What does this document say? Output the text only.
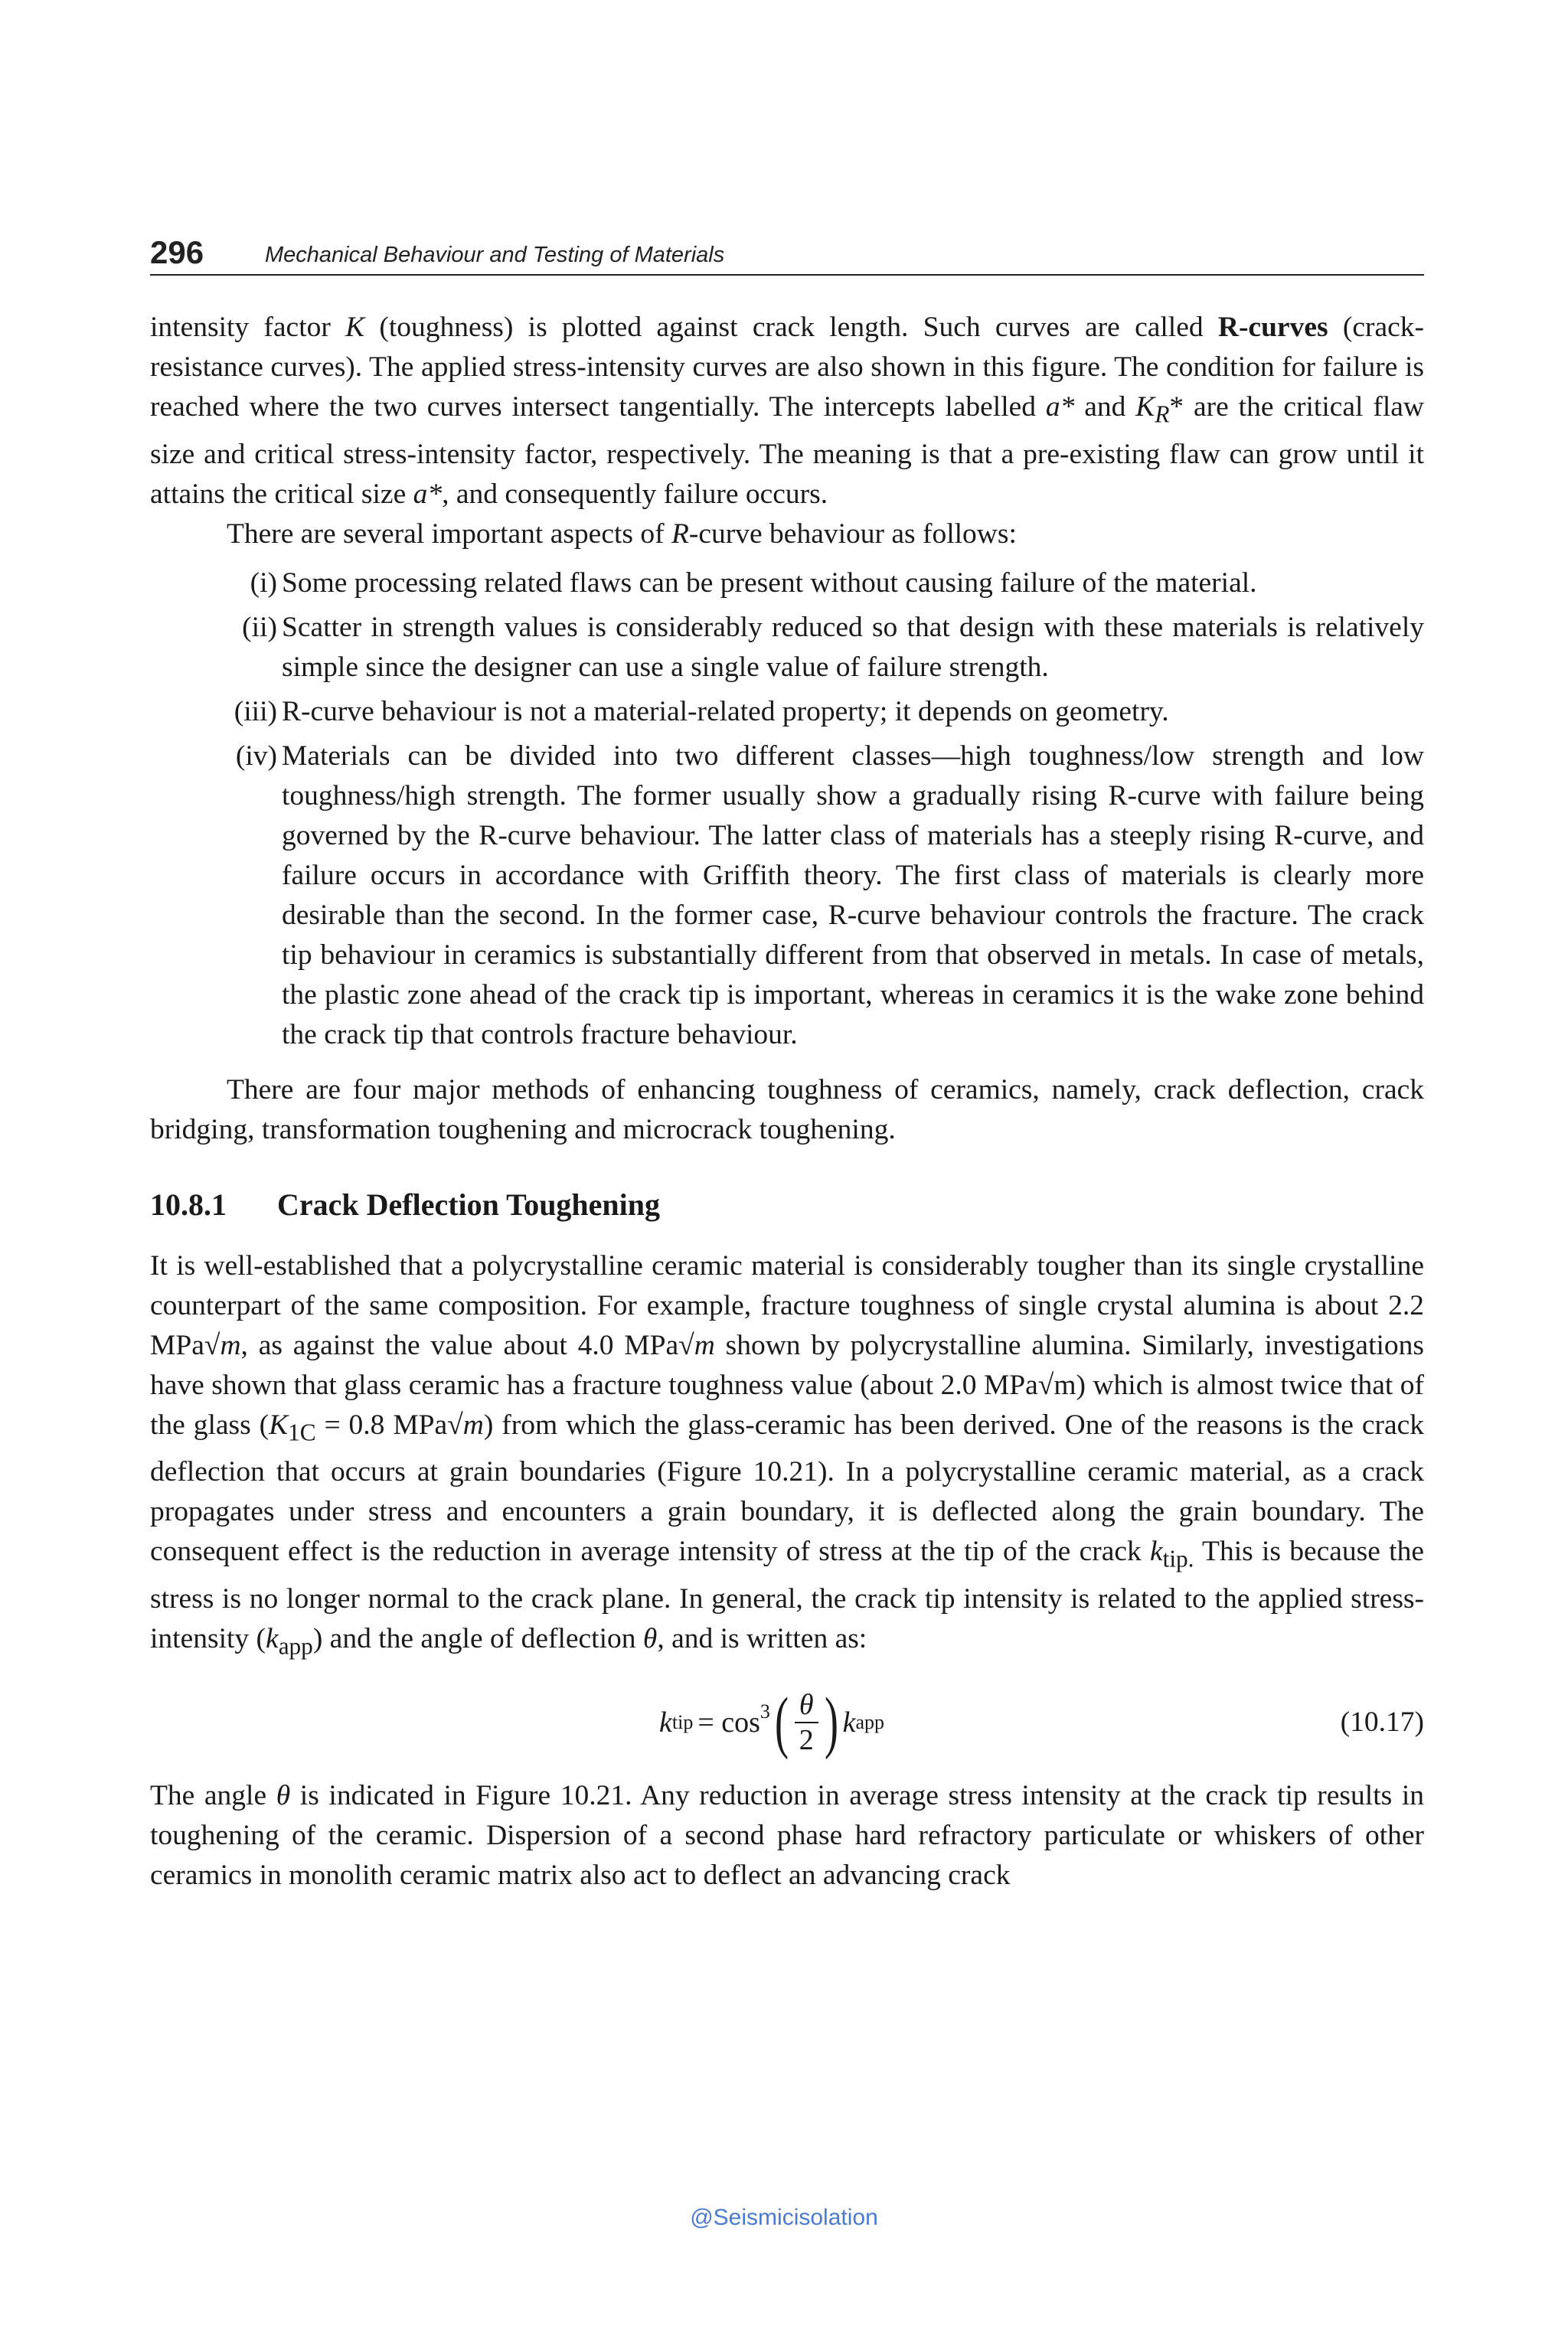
296	Mechanical Behaviour and Testing of Materials

intensity factor K (toughness) is plotted against crack length. Such curves are called R-curves (crack-resistance curves). The applied stress-intensity curves are also shown in this figure. The condition for failure is reached where the two curves intersect tangentially. The intercepts labelled a* and $K_R*$ are the critical flaw size and critical stress-intensity factor, respectively. The meaning is that a pre-existing flaw can grow until it attains the critical size a*, and consequently failure occurs.

There are several important aspects of R-curve behaviour as follows:

(i) Some processing related flaws can be present without causing failure of the material.
(ii) Scatter in strength values is considerably reduced so that design with these materials is relatively simple since the designer can use a single value of failure strength.
(iii) R-curve behaviour is not a material-related property; it depends on geometry.
(iv) Materials can be divided into two different classes—high toughness/low strength and low toughness/high strength. The former usually show a gradually rising R-curve with failure being governed by the R-curve behaviour. The latter class of materials has a steeply rising R-curve, and failure occurs in accordance with Griffith theory. The first class of materials is clearly more desirable than the second. In the former case, R-curve behaviour controls the fracture. The crack tip behaviour in ceramics is substantially different from that observed in metals. In case of metals, the plastic zone ahead of the crack tip is important, whereas in ceramics it is the wake zone behind the crack tip that controls fracture behaviour.

There are four major methods of enhancing toughness of ceramics, namely, crack deflection, crack bridging, transformation toughening and microcrack toughening.

10.8.1 Crack Deflection Toughening

It is well-established that a polycrystalline ceramic material is considerably tougher than its single crystalline counterpart of the same composition. For example, fracture toughness of single crystal alumina is about 2.2 MPa√m, as against the value about 4.0 MPa√m shown by polycrystalline alumina. Similarly, investigations have shown that glass ceramic has a fracture toughness value (about 2.0 MPa√m) which is almost twice that of the glass ($K_{1C} = 0.8$ MPa√m) from which the glass-ceramic has been derived. One of the reasons is the crack deflection that occurs at grain boundaries (Figure 10.21). In a polycrystalline ceramic material, as a crack propagates under stress and encounters a grain boundary, it is deflected along the grain boundary. The consequent effect is the reduction in average intensity of stress at the tip of the crack $k_{tip.}$ This is because the stress is no longer normal to the crack plane. In general, the crack tip intensity is related to the applied stress-intensity $(k_{app})$ and the angle of deflection θ, and is written as:

k tip = $\cos^3$ ( $\frac{\theta}{2}$ ) k app	(10.17)

The angle θ is indicated in Figure 10.21. Any reduction in average stress intensity at the crack tip results in toughening of the ceramic. Dispersion of a second phase hard refractory particulate or whiskers of other ceramics in monolith ceramic matrix also act to deflect an advancing crack

@Seismicisolation
